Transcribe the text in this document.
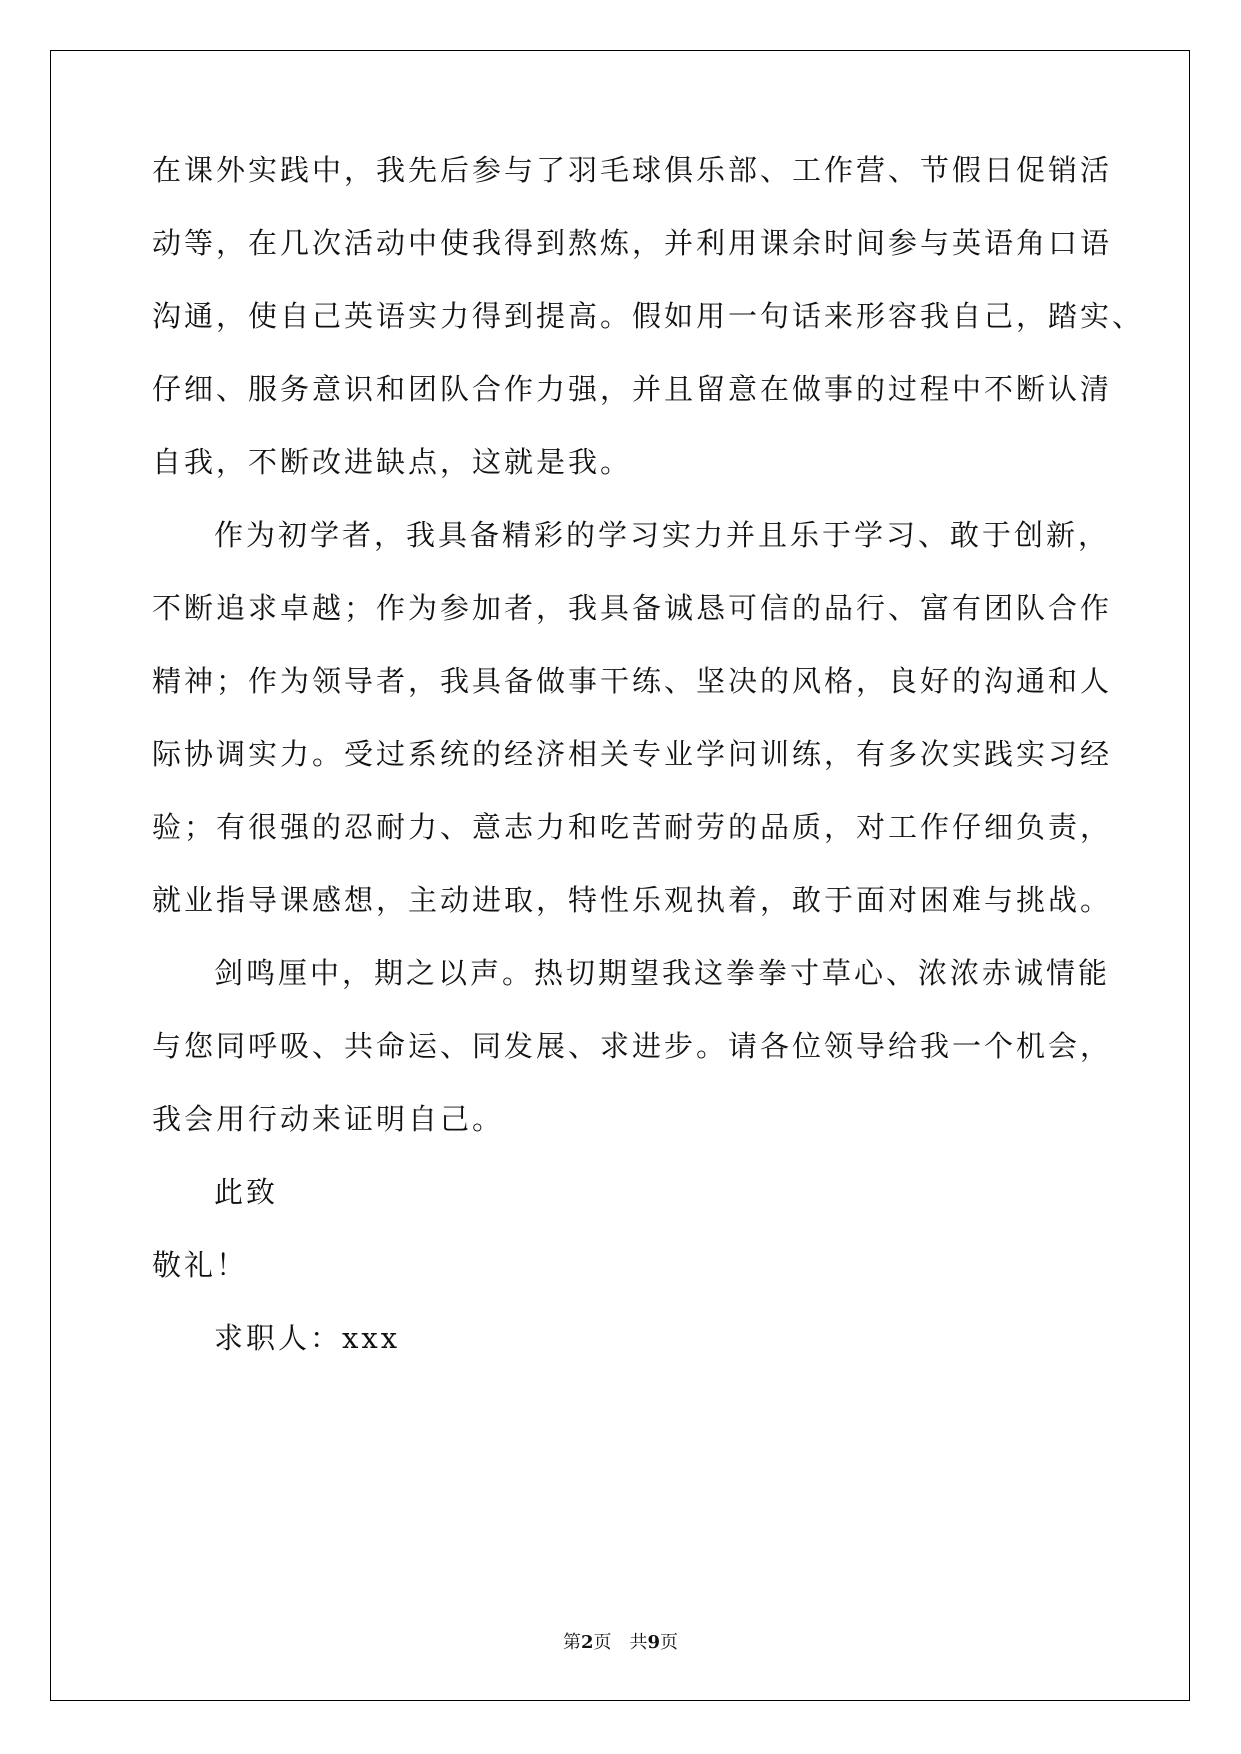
在课外实践中，我先后参与了羽毛球俱乐部、工作营、节假日促销活
动等，在几次活动中使我得到熬炼，并利用课余时间参与英语角口语
沟通，使自己英语实力得到提高。假如用一句话来形容我自己，踏实、
仔细、服务意识和团队合作力强，并且留意在做事的过程中不断认清
自我，不断改进缺点，这就是我。
作为初学者，我具备精彩的学习实力并且乐于学习、敢于创新，
不断追求卓越；作为参加者，我具备诚恳可信的品行、富有团队合作
精神；作为领导者，我具备做事干练、坚决的风格，良好的沟通和人
际协调实力。受过系统的经济相关专业学问训练，有多次实践实习经
验；有很强的忍耐力、意志力和吃苦耐劳的品质，对工作仔细负责，
就业指导课感想，主动进取，特性乐观执着，敢于面对困难与挑战。
剑鸣厘中，期之以声。热切期望我这拳拳寸草心、浓浓赤诚情能
与您同呼吸、共命运、同发展、求进步。请各位领导给我一个机会，
我会用行动来证明自己。
此致
敬礼！
求职人：xxx
第2页 共9页
